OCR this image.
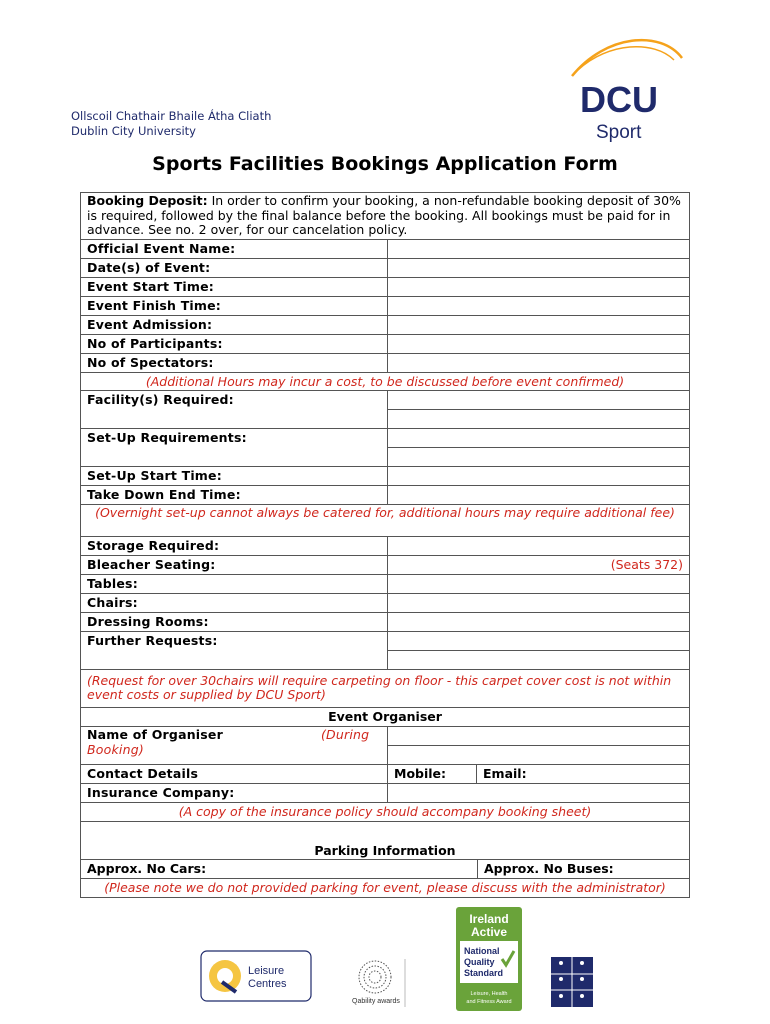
Ollscoil Chathair Bhaile Átha Cliath
Dublin City University
DCU
Sport
Sports Facilities Bookings Application Form
Booking Deposit: In order to confirm your booking, a non-refundable booking deposit of 30% is required, followed by the final balance before the booking. All bookings must be paid for in advance. See no. 2 over, for our cancelation policy.
Official Event Name:
Date(s) of Event:
Event Start Time:
Event Finish Time:
Event Admission:
No of Participants:
No of Spectators:
(Additional Hours may incur a cost, to be discussed before event confirmed)
Facility(s) Required:
Set-Up Requirements:
Set-Up Start Time:
Take Down End Time:
(Overnight set-up cannot always be catered for, additional hours may require additional fee)
Storage Required:
Bleacher Seating:	(Seats 372)
Tables:
Chairs:
Dressing Rooms:
Further Requests:
(Request for over 30chairs will require carpeting on floor - this carpet cover cost is not within event costs or supplied by DCU Sport)
Event Organiser
Name of Organiser	(During
Booking)
Contact Details	Mobile:	Email:
Insurance Company:
(A copy of the insurance policy should accompany booking sheet)
Parking Information
Approx. No Cars:	Approx. No Buses:
(Please note we do not provided parking for event, please discuss with the administrator)
Leisure
Centres
Qability awards
Ireland
Active
National
Quality
Standard
Leisure, Health
and Fitness Award
